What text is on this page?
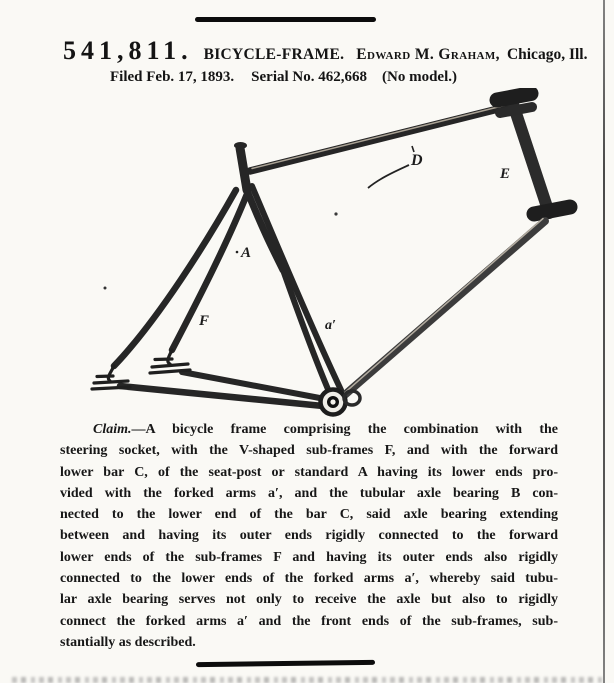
541,811. BICYCLE-FRAME. Edward M. Graham, Chicago, Ill.
Filed Feb. 17, 1893. Serial No. 462,668 (No model.)
D
E
A
F	a′
Claim.—A bicycle frame comprising the combination with the
steering socket, with the V-shaped sub-frames F, and with the forward
lower bar C, of the seat-post or standard A having its lower ends pro-
vided with the forked arms a′, and the tubular axle bearing B con-
nected to the lower end of the bar C, said axle bearing extending
between and having its outer ends rigidly connected to the forward
lower ends of the sub-frames F and having its outer ends also rigidly
connected to the lower ends of the forked arms a′, whereby said tubu-
lar axle bearing serves not only to receive the axle but also to rigidly
connect the forked arms a′ and the front ends of the sub-frames, sub-
stantially as described.
